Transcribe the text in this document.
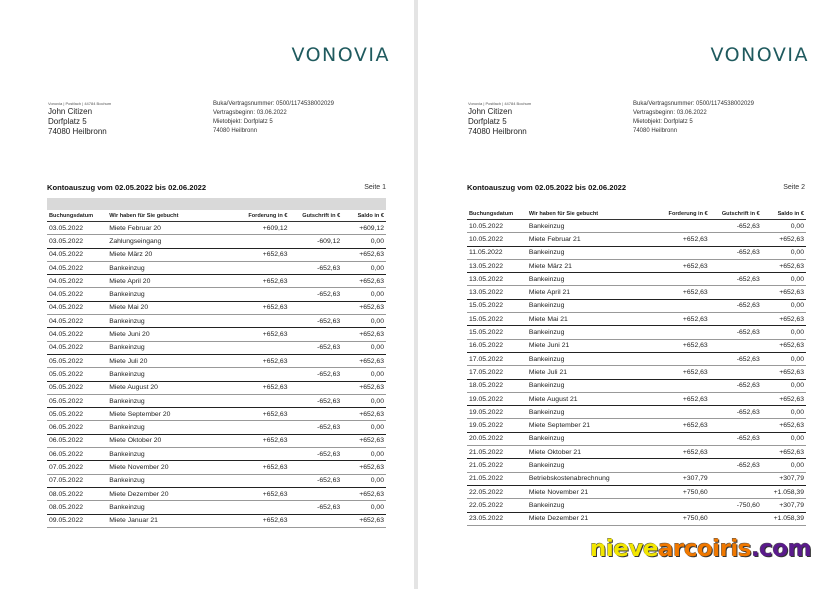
VONOVIA
Vonovia | Postfach | 44784 Bochum
John Citizen
Dorfplatz 5
74080 Heilbronn
Buka/Vertragsnummer: 0500/1174538002029
Vertragsbeginn: 03.06.2022
Mietobjekt: Dorfplatz 5
74080 Heilbronn
Kontoauszug vom 02.05.2022 bis 02.06.2022	Seite 1
Buchungsdatum	Wir haben für Sie gebucht	Forderung in €	Gutschrift in €	Saldo in €
03.05.2022	Miete Februar 20	+609,12		+609,12
03.05.2022	Zahlungseingang		-609,12	0,00
04.05.2022	Miete März 20	+652,63		+652,63
04.05.2022	Bankeinzug		-652,63	0,00
04.05.2022	Miete April 20	+652,63		+652,63
04.05.2022	Bankeinzug		-652,63	0,00
04.05.2022	Miete Mai 20	+652,63		+652,63
04.05.2022	Bankeinzug		-652,63	0,00
04.05.2022	Miete Juni 20	+652,63		+652,63
04.05.2022	Bankeinzug		-652,63	0,00
05.05.2022	Miete Juli 20	+652,63		+652,63
05.05.2022	Bankeinzug		-652,63	0,00
05.05.2022	Miete August 20	+652,63		+652,63
05.05.2022	Bankeinzug		-652,63	0,00
05.05.2022	Miete September 20	+652,63		+652,63
06.05.2022	Bankeinzug		-652,63	0,00
06.05.2022	Miete Oktober 20	+652,63		+652,63
06.05.2022	Bankeinzug		-652,63	0,00
07.05.2022	Miete November 20	+652,63		+652,63
07.05.2022	Bankeinzug		-652,63	0,00
08.05.2022	Miete Dezember 20	+652,63		+652,63
08.05.2022	Bankeinzug		-652,63	0,00
09.05.2022	Miete Januar 21	+652,63		+652,63
VONOVIA
Vonovia | Postfach | 44784 Bochum
John Citizen
Dorfplatz 5
74080 Heilbronn
Buka/Vertragsnummer: 0500/1174538002029
Vertragsbeginn: 03.06.2022
Mietobjekt: Dorfplatz 5
74080 Heilbronn
Kontoauszug vom 02.05.2022 bis 02.06.2022	Seite 2
Buchungsdatum	Wir haben für Sie gebucht	Forderung in €	Gutschrift in €	Saldo in €
10.05.2022	Bankeinzug		-652,63	0,00
10.05.2022	Miete Februar 21	+652,63		+652,63
11.05.2022	Bankeinzug		-652,63	0,00
13.05.2022	Miete März 21	+652,63		+652,63
13.05.2022	Bankeinzug		-652,63	0,00
13.05.2022	Miete April 21	+652,63		+652,63
15.05.2022	Bankeinzug		-652,63	0,00
15.05.2022	Miete Mai 21	+652,63		+652,63
15.05.2022	Bankeinzug		-652,63	0,00
16.05.2022	Miete Juni 21	+652,63		+652,63
17.05.2022	Bankeinzug		-652,63	0,00
17.05.2022	Miete Juli 21	+652,63		+652,63
18.05.2022	Bankeinzug		-652,63	0,00
19.05.2022	Miete August 21	+652,63		+652,63
19.05.2022	Bankeinzug		-652,63	0,00
19.05.2022	Miete September 21	+652,63		+652,63
20.05.2022	Bankeinzug		-652,63	0,00
21.05.2022	Miete Oktober 21	+652,63		+652,63
21.05.2022	Bankeinzug		-652,63	0,00
21.05.2022	Betriebskostenabrechnung	+307,79		+307,79
22.05.2022	Miete November 21	+750,60		+1.058,39
22.05.2022	Bankeinzug		-750,60	+307,79
23.05.2022	Miete Dezember 21	+750,60		+1.058,39
nievearcoiris.com
